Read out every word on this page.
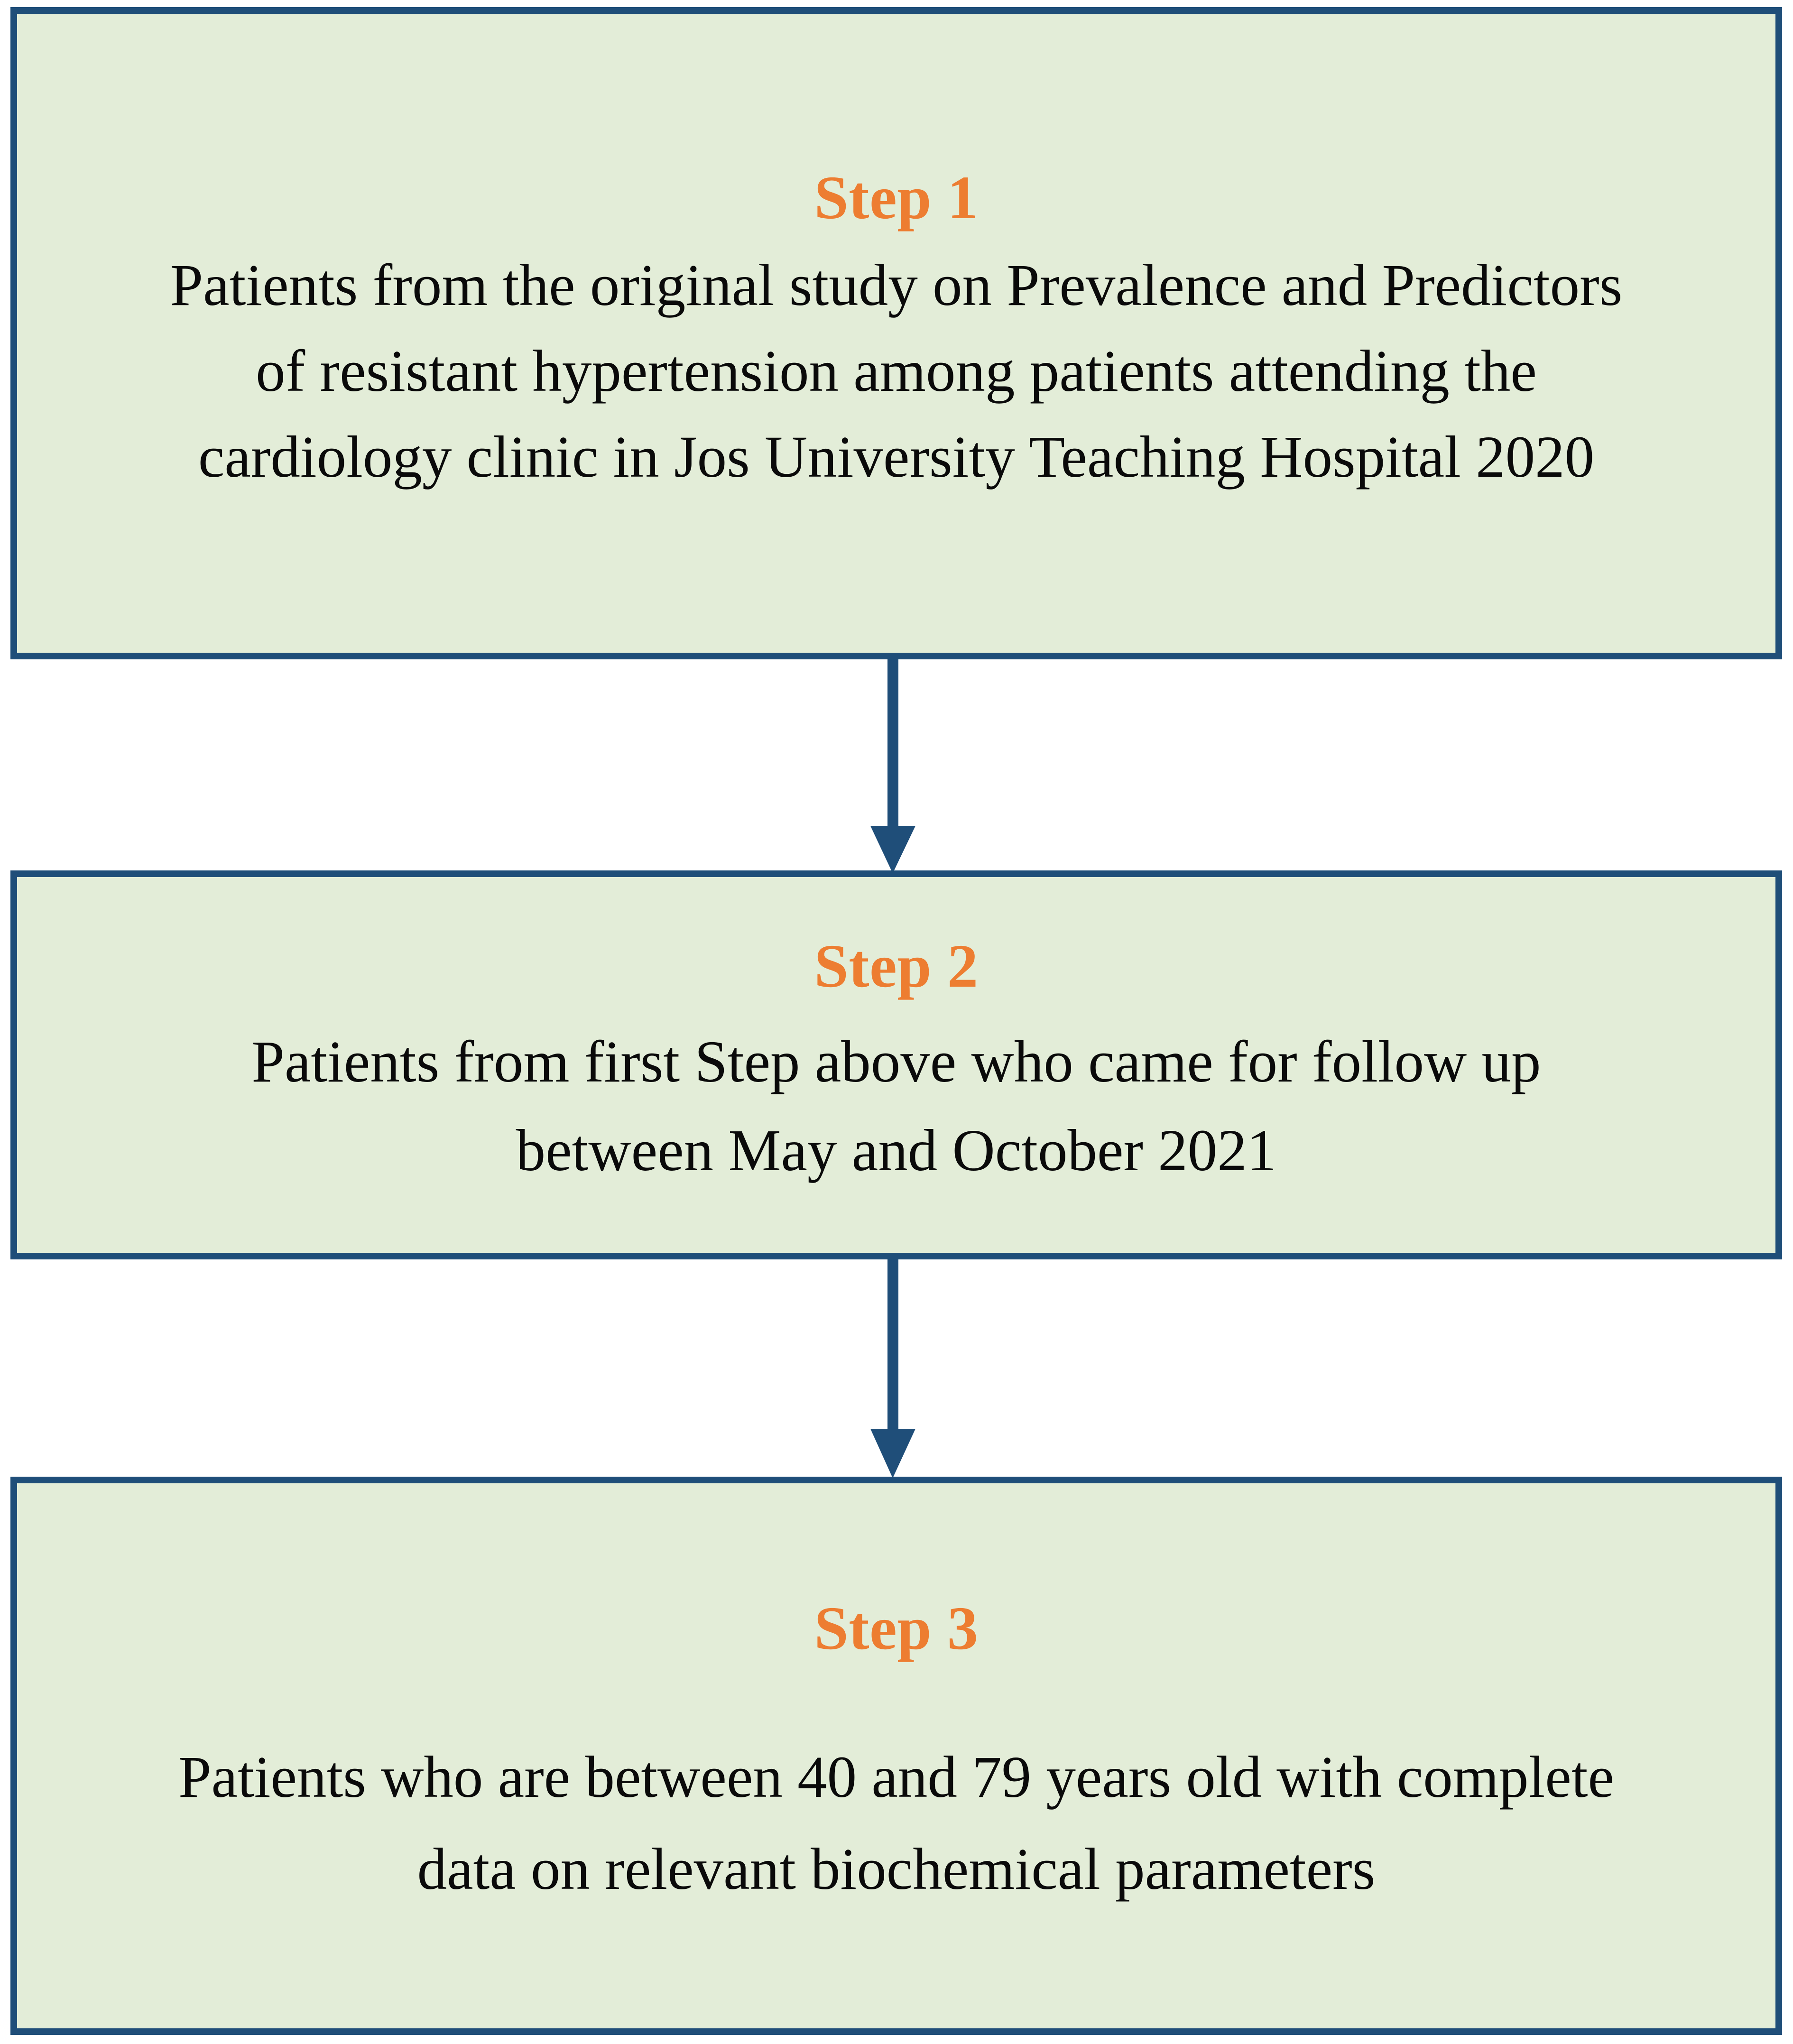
Step 1
Patients from the original study on Prevalence and Predictors of resistant hypertension among patients attending the cardiology clinic in Jos University Teaching Hospital 2020
Step 2
Patients from first Step above who came for follow up between May and October 2021
Step 3
Patients who are between 40 and 79 years old with complete data on relevant biochemical parameters
